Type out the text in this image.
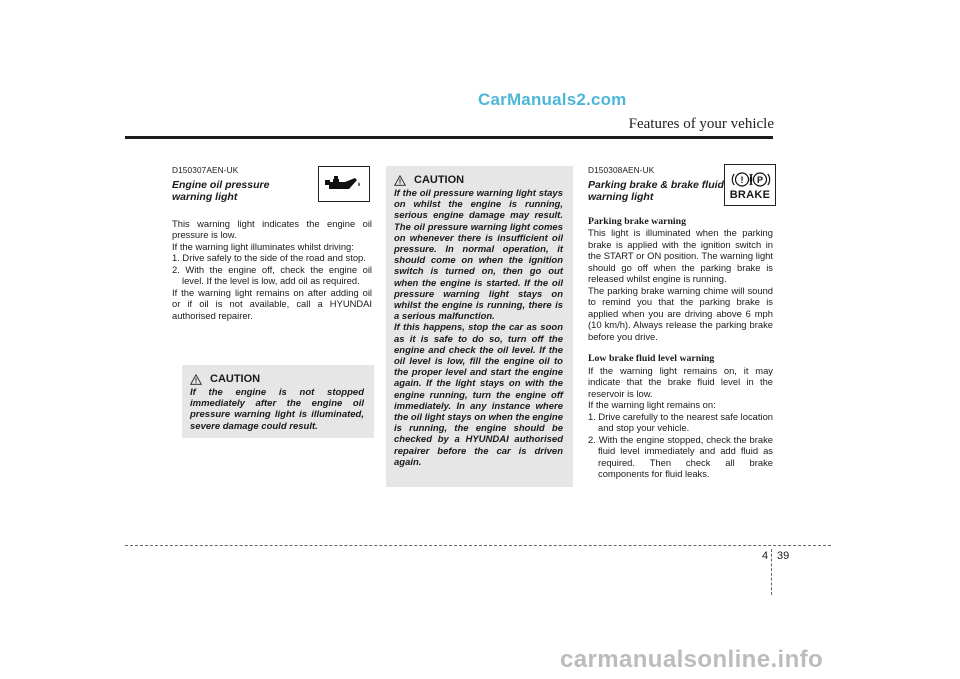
CarManuals2.com
Features of your vehicle
D150307AEN-UK
Engine oil pressure
warning light

This warning light indicates the engine oil pressure is low.

If the warning light illuminates whilst driving:

1. Drive safely to the side of the road and stop.
2. With the engine off, check the engine oil level. If the level is low, add oil as required.

If the warning light remains on after adding oil or if oil is not available, call a HYUNDAI authorised repairer.

CAUTION

If the engine is not stopped immediately after the engine oil pressure warning light is illuminated, severe damage could result.

CAUTION

If the oil pressure warning light stays on whilst the engine is running, serious engine damage may result. The oil pressure warning light comes on whenever there is insufficient oil pressure. In normal operation, it should come on when the ignition switch is turned on, then go out when the engine is started. If the oil pressure warning light stays on whilst the engine is running, there is a serious malfunction.

If this happens, stop the car as soon as it is safe to do so, turn off the engine and check the oil level. If the oil level is low, fill the engine oil to the proper level and start the engine again. If the light stays on with the engine running, turn the engine off immediately. In any instance where the oil light stays on when the engine is running, the engine should be checked by a HYUNDAI authorised repairer before the car is driven again.

D150308AEN-UK
Parking brake & brake fluid
warning light
Parking brake warning

This light is illuminated when the parking brake is applied with the ignition switch in the START or ON position. The warning light should go off when the parking brake is released whilst engine is running.

The parking brake warning chime will sound to remind you that the parking brake is applied when you are driving above 6 mph (10 km/h). Always release the parking brake before you drive.

Low brake fluid level warning

If the warning light remains on, it may indicate that the brake fluid level in the reservoir is low.

If the warning light remains on:

1. Drive carefully to the nearest safe location and stop your vehicle.
2. With the engine stopped, check the brake fluid level immediately and add fluid as required. Then check all brake components for fluid leaks.
! P
BRAKE
4 39
carmanualsonline.info
